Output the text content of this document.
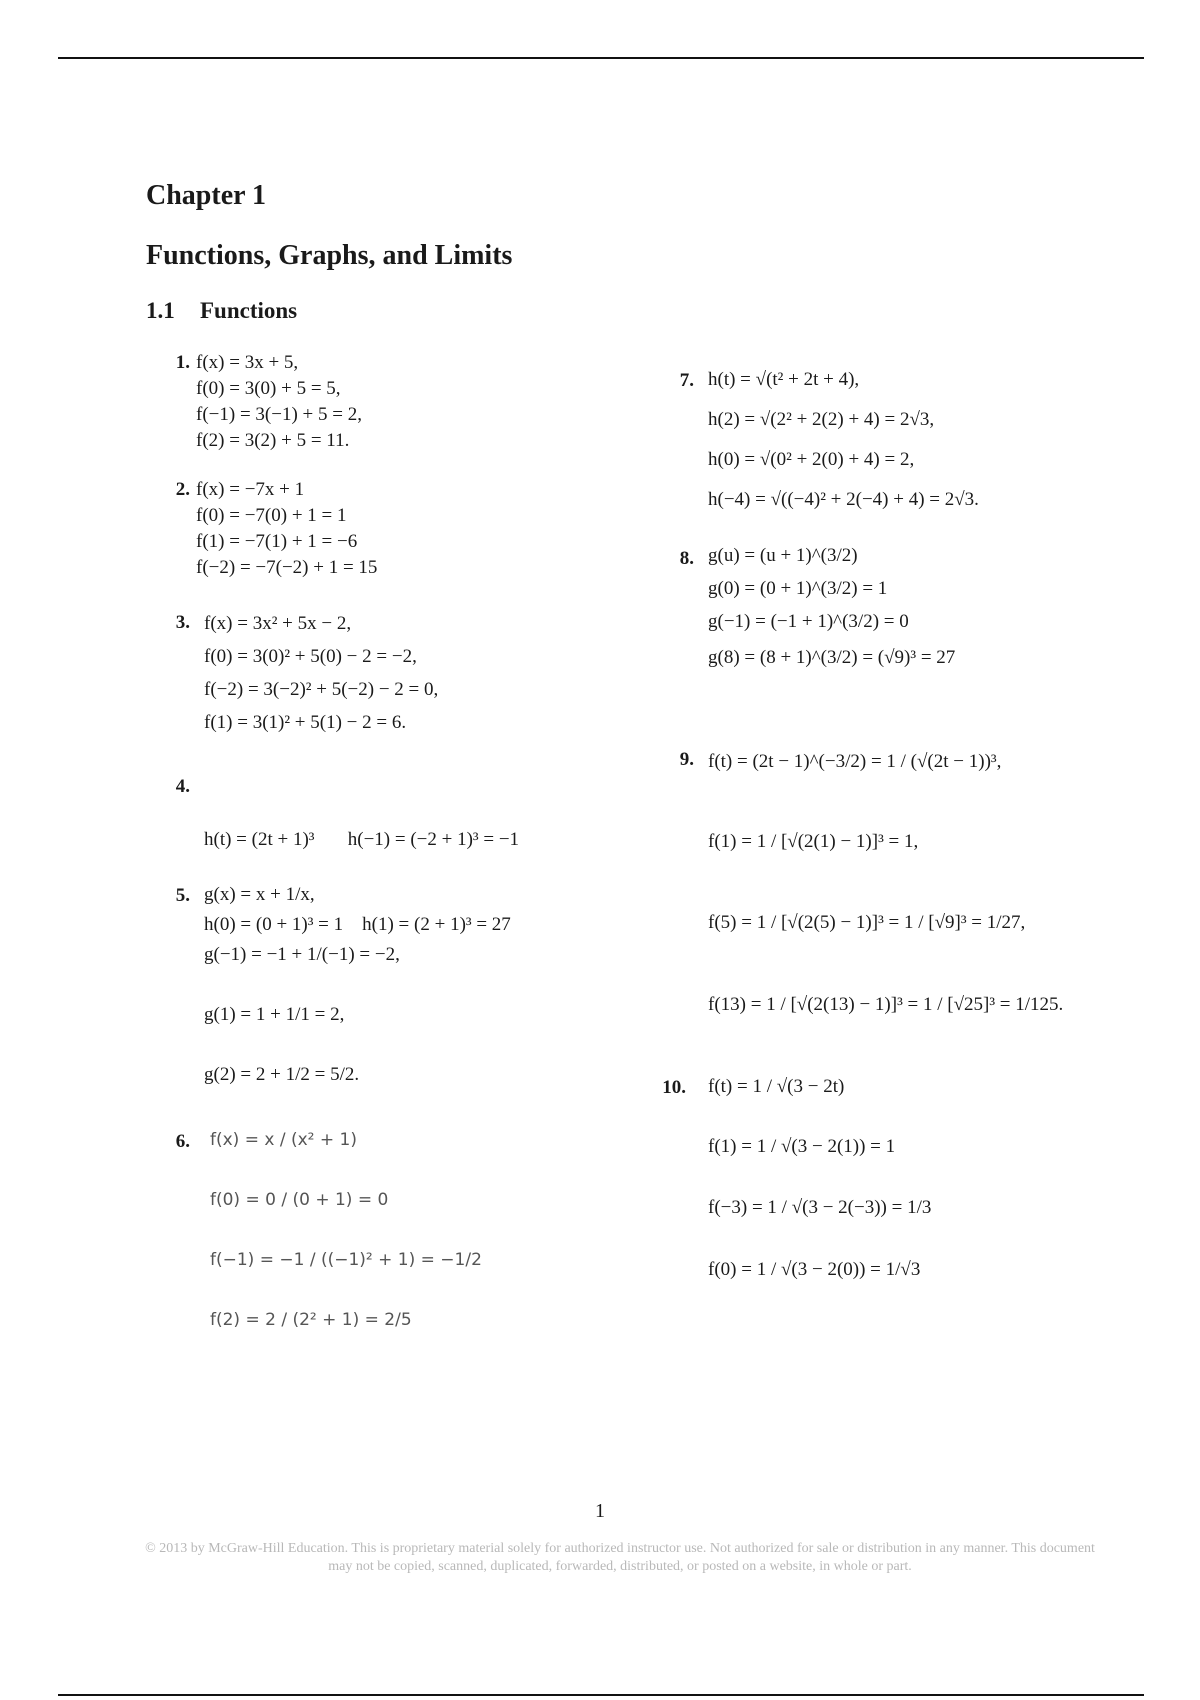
Chapter 1
Functions, Graphs, and Limits
1.1 Functions
1. f(x) = 3x + 5,
f(0) = 3(0) + 5 = 5,
f(−1) = 3(−1) + 5 = 2,
f(2) = 3(2) + 5 = 11.
2. f(x) = −7x + 1
f(0) = −7(0) + 1 = 1
f(1) = −7(1) + 1 = −6
f(−2) = −7(−2) + 1 = 15
3. f(x) = 3x² + 5x − 2,
f(0) = 3(0)² + 5(0) − 2 = −2,
f(−2) = 3(−2)² + 5(−2) − 2 = 0,
f(1) = 3(1)² + 5(1) − 2 = 6.
4.

h(t) = (2t + 1)³       h(−1) = (−2 + 1)³ = −1

h(0) = (0 + 1)³ = 1    h(1) = (2 + 1)³ = 27

5. g(x) = x + 1/x,
g(−1) = −1 + 1/(−1) = −2,
g(1) = 1 + 1/1 = 2,
g(2) = 2 + 1/2 = 5/2.
6. f(x) = x / (x² + 1)
f(0) = 0 / (0 + 1) = 0
f(−1) = −1 / ((−1)² + 1) = −1/2
f(2) = 2 / (2² + 1) = 2/5
7. h(t) = √(t² + 2t + 4),
h(2) = √(2² + 2(2) + 4) = 2√3,
h(0) = √(0² + 2(0) + 4) = 2,
h(−4) = √((−4)² + 2(−4) + 4) = 2√3.
8. g(u) = (u + 1)^(3/2)
g(0) = (0 + 1)^(3/2) = 1
g(−1) = (−1 + 1)^(3/2) = 0
g(8) = (8 + 1)^(3/2) = (√9)³ = 27
9. f(t) = (2t − 1)^(−3/2) = 1 / (√(2t − 1))³,
f(1) = 1 / [√(2(1) − 1)]³ = 1,
f(5) = 1 / [√(2(5) − 1)]³ = 1 / [√9]³ = 1/27,
f(13) = 1 / [√(2(13) − 1)]³ = 1 / [√25]³ = 1/125.
10. f(t) = 1 / √(3 − 2t)
f(1) = 1 / √(3 − 2(1)) = 1
f(−3) = 1 / √(3 − 2(−3)) = 1/3
f(0) = 1 / √(3 − 2(0)) = 1/√3
1
© 2013 by McGraw-Hill Education. This is proprietary material solely for authorized instructor use. Not authorized for sale or distribution in any manner. This document may not be copied, scanned, duplicated, forwarded, distributed, or posted on a website, in whole or part.
